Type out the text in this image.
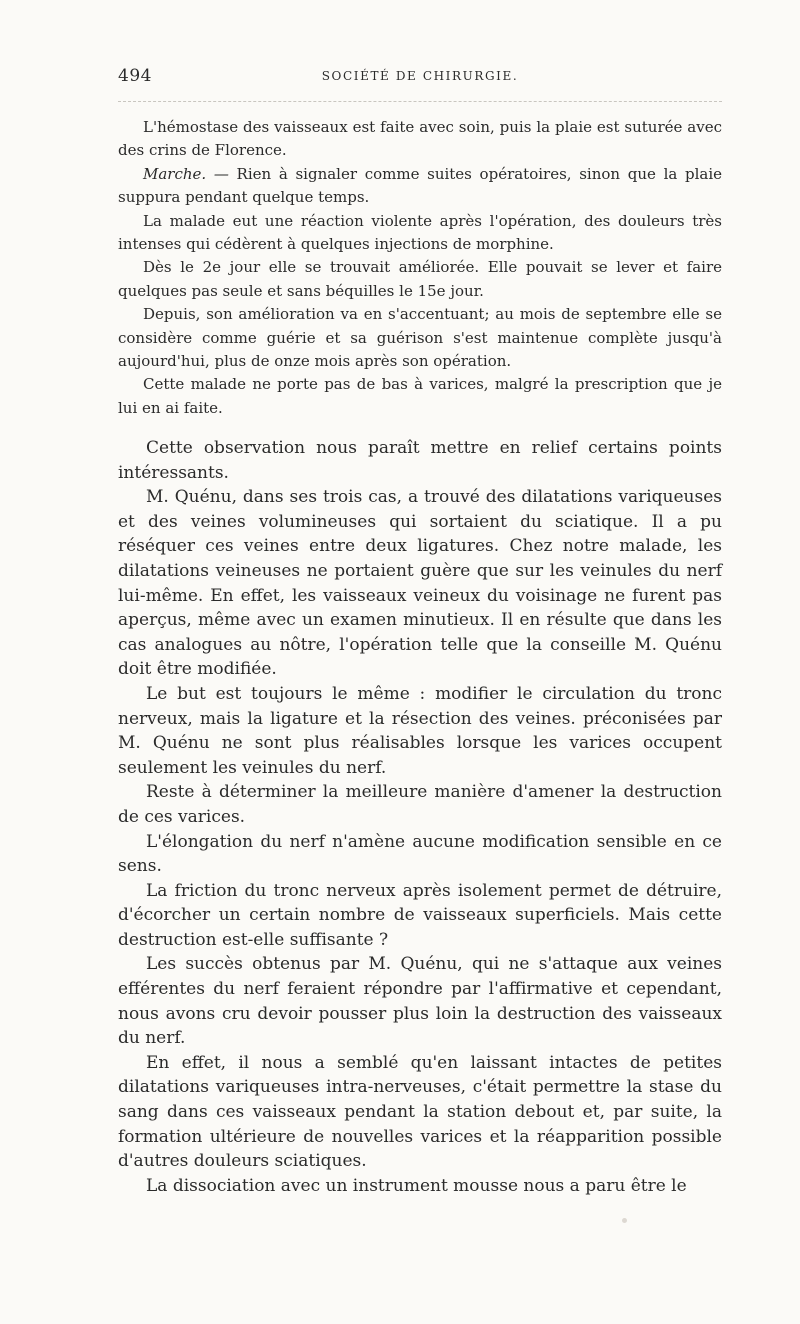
494	SOCIÉTÉ DE CHIRURGIE.

L'hémostase des vaisseaux est faite avec soin, puis la plaie est suturée avec des crins de Florence.

Marche. — Rien à signaler comme suites opératoires, sinon que la plaie suppura pendant quelque temps.

La malade eut une réaction violente après l'opération, des douleurs très intenses qui cédèrent à quelques injections de morphine.

Dès le 2e jour elle se trouvait améliorée. Elle pouvait se lever et faire quelques pas seule et sans béquilles le 15e jour.

Depuis, son amélioration va en s'accentuant; au mois de septembre elle se considère comme guérie et sa guérison s'est maintenue complète jusqu'à aujourd'hui, plus de onze mois après son opération.

Cette malade ne porte pas de bas à varices, malgré la prescription que je lui en ai faite.

Cette observation nous paraît mettre en relief certains points intéressants.

M. Quénu, dans ses trois cas, a trouvé des dilatations variqueuses et des veines volumineuses qui sortaient du sciatique. Il a pu réséquer ces veines entre deux ligatures. Chez notre malade, les dilatations veineuses ne portaient guère que sur les veinules du nerf lui-même. En effet, les vaisseaux veineux du voisinage ne furent pas aperçus, même avec un examen minutieux. Il en résulte que dans les cas analogues au nôtre, l'opération telle que la conseille M. Quénu doit être modifiée.

Le but est toujours le même : modifier le circulation du tronc nerveux, mais la ligature et la résection des veines. préconisées par M. Quénu ne sont plus réalisables lorsque les varices occupent seulement les veinules du nerf.

Reste à déterminer la meilleure manière d'amener la destruction de ces varices.

L'élongation du nerf n'amène aucune modification sensible en ce sens.

La friction du tronc nerveux après isolement permet de détruire, d'écorcher un certain nombre de vaisseaux superficiels. Mais cette destruction est-elle suffisante ?

Les succès obtenus par M. Quénu, qui ne s'attaque aux veines efférentes du nerf feraient répondre par l'affirmative et cependant, nous avons cru devoir pousser plus loin la destruction des vaisseaux du nerf.

En effet, il nous a semblé qu'en laissant intactes de petites dilatations variqueuses intra-nerveuses, c'était permettre la stase du sang dans ces vaisseaux pendant la station debout et, par suite, la formation ultérieure de nouvelles varices et la réapparition possible d'autres douleurs sciatiques.

La dissociation avec un instrument mousse nous a paru être le
